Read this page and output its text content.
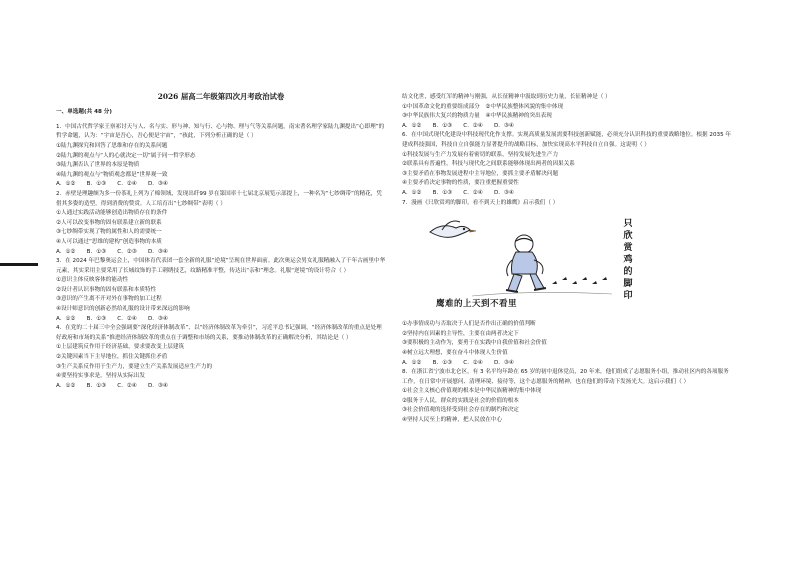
2026 届高二年级第四次月考政治试卷

一、单选题(共 48 分)

1．中国古代哲学家王禀祁讨天与人、名与实、形与神、知与行、心与物、理与气等关系问题。南宋著名理学家陆九渊提出“心即理”的哲学命题，认为：“宇宙是吾心，吾心便是宇宙”，“孩此，下列分析正确的是（ ）

①陆九渊探究和回答了思维和存在的关系问题

②陆九渊的观点与“人的心就决定一切”属于同一哲学形态

③陆九渊否认了世界的本原是物质

④陆九渊的观点与“物质观念都是”世界观一致

A．①②　　B．①③　　C．②④　　D．③④

2．赤壁是理趣颇为多一份茶礼上列为了棉领域，发现出纤99 岁在第国率十七届北京展览示部提上，一种名为“七纱绸带”的精花，凭借其多姿的造型，得到消费的赞赏。人工培育出“七纱绸带”表明（ ）

①人通过实践活动能够创造出物质存在的条件

②人可以改变事物的固有联系建立新的联系

③七纱绸带实现了物的属性和人的需要统一

④人可以通过“思维的建构”创造事物的本质

A．①②　　B．①③　　C．②③　　D．③④

3．在 2024 年巴黎奥运会上，中国体育代表团一套全新的礼服“逆境”呈现在世界面前。此次奥运会男女礼服精融入了千年古画里中华元素，其实采用主要采用了长城纹饰的手工刺绣技艺，纹路精准平整，传达出“亲和”理念。礼服“逆境”的设计符合（ ）

①意识主体反映客体的能动性

②设计者认识事物的固有联系和本质特性

③意识的产生离不开对外在事物的加工过程

④设计师意识的创新必然给礼服的设计带来深远的影响

A．①②　　B．①③　　C．②④　　D．③④

4．在党的二十届三中全会强调要“深化经济体制改革”、以“经济体制改革为牵引”，习近平总书记强调，“经济体制改革的重点是处理好政府和市场的关系”推进经济体制改革的重点在于调整和市场的关系，要推动体制改革的正确解决分析，其结论是（ ）

①上层建筑反作用于经济基础，要求要改变上层建筑

②关键因素当下主导地位，抓住关键抓住矛盾

③生产关系反作用于生产力，要建立生产关系发展适应生产力的

④要坚持实事求是，坚持从实际出发

A．①②　　B．①③　　C．②④　　D．③④

结文化世，感受红军的精神与刚强，从长征精神中汲取到历史力量，长征精神是（ ）

①中国革命文化的重要组成部分　②中华民族整体风貌的集中体现

③中华民族伟大复兴的物质力量　④中华民族精神的突出表现

A．①②　　B．①③　　C．②④　　D．③④

6．在中国式现代化建设中科技现代化作支撑。实现高质量发展需要科技创新赋能，必须充分认识科技的重要战略地位。根据 2035 年建成科技强国，科技自立自强能力显著提升的战略目标，加快实现高水平科技自立自强。这说明（ ）

①科技发展与生产力发展有着密切的联系，坚持发展先进生产力

②联系具有普遍性，科技与现代化之间联系能够体现出两者的因果关系

③主要矛盾在事物发展进程中主导地位，要抓主要矛盾解决问题

④主要矛盾决定事物的性质，要注重把握重要性

A．①②　　B．①③　　C．②④　　D．③④

7．漫画《只欣赏鸡的脚印，看不到天上的雄鹰》启示我们（ ）

只欣赏鸡的脚印
鹰难的上天到不看里

①办事情成功与否取决于人们是否作出正确的价值判断

②坚持内在因素的主导性，主要在由两者决定下

③要积极的主动作为，要勇于在实践中自我价值和社会价值

④树立远大理想，要在奋斗中体现人生价值

A．①②　　B．①③　　C．②④　　D．③④

8．在浙江省宁波市北仑区，有 3 名平均年龄在 65 岁的初中退休党员，20 年来，他们组成了志愿服务小组，推动社区内的各项服务工作，在日常中开展慰问、清理环境、接待等，这个志愿服务的精神，也在他们的带动下发扬光大。这启示我们（ ）

①社会主义核心价值观的根本是中华民族精神的集中体现

②服务于人民，群众的实践是社会的价值的根本

③社会价值观的选择受到社会存在的制约和决定

④坚持人民至上的精神，把人民放在中心
